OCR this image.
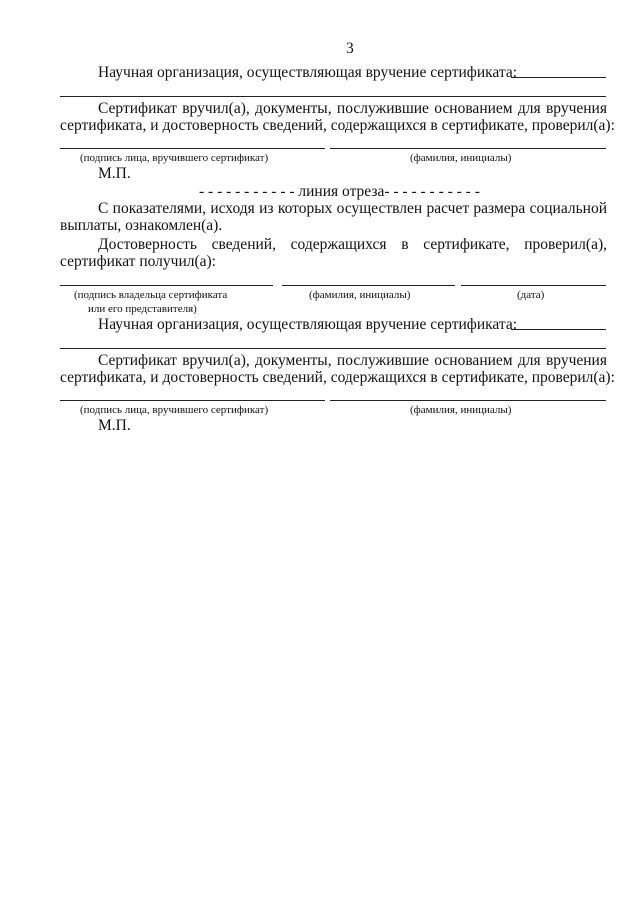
3
Научная организация, осуществляющая вручение сертификата:
Сертификат вручил(а), документы, послужившие основанием для вручения
сертификата, и достоверность сведений, содержащихся в сертификате, проверил(а):
(подпись лица, вручившего сертификат)	(фамилия, инициалы)
М.П.
- - - - - - - - - - - линия отреза- - - - - - - - - - -
С показателями, исходя из которых осуществлен расчет размера социальной
выплаты, ознакомлен(а).
Достоверность сведений, содержащихся в сертификате, проверил(а),
сертификат получил(а):
(подпись владельца сертификата
или его представителя)
(фамилия, инициалы)	(дата)
Научная организация, осуществляющая вручение сертификата:
Сертификат вручил(а), документы, послужившие основанием для вручения
сертификата, и достоверность сведений, содержащихся в сертификате, проверил(а):
(подпись лица, вручившего сертификат)	(фамилия, инициалы)
М.П.
